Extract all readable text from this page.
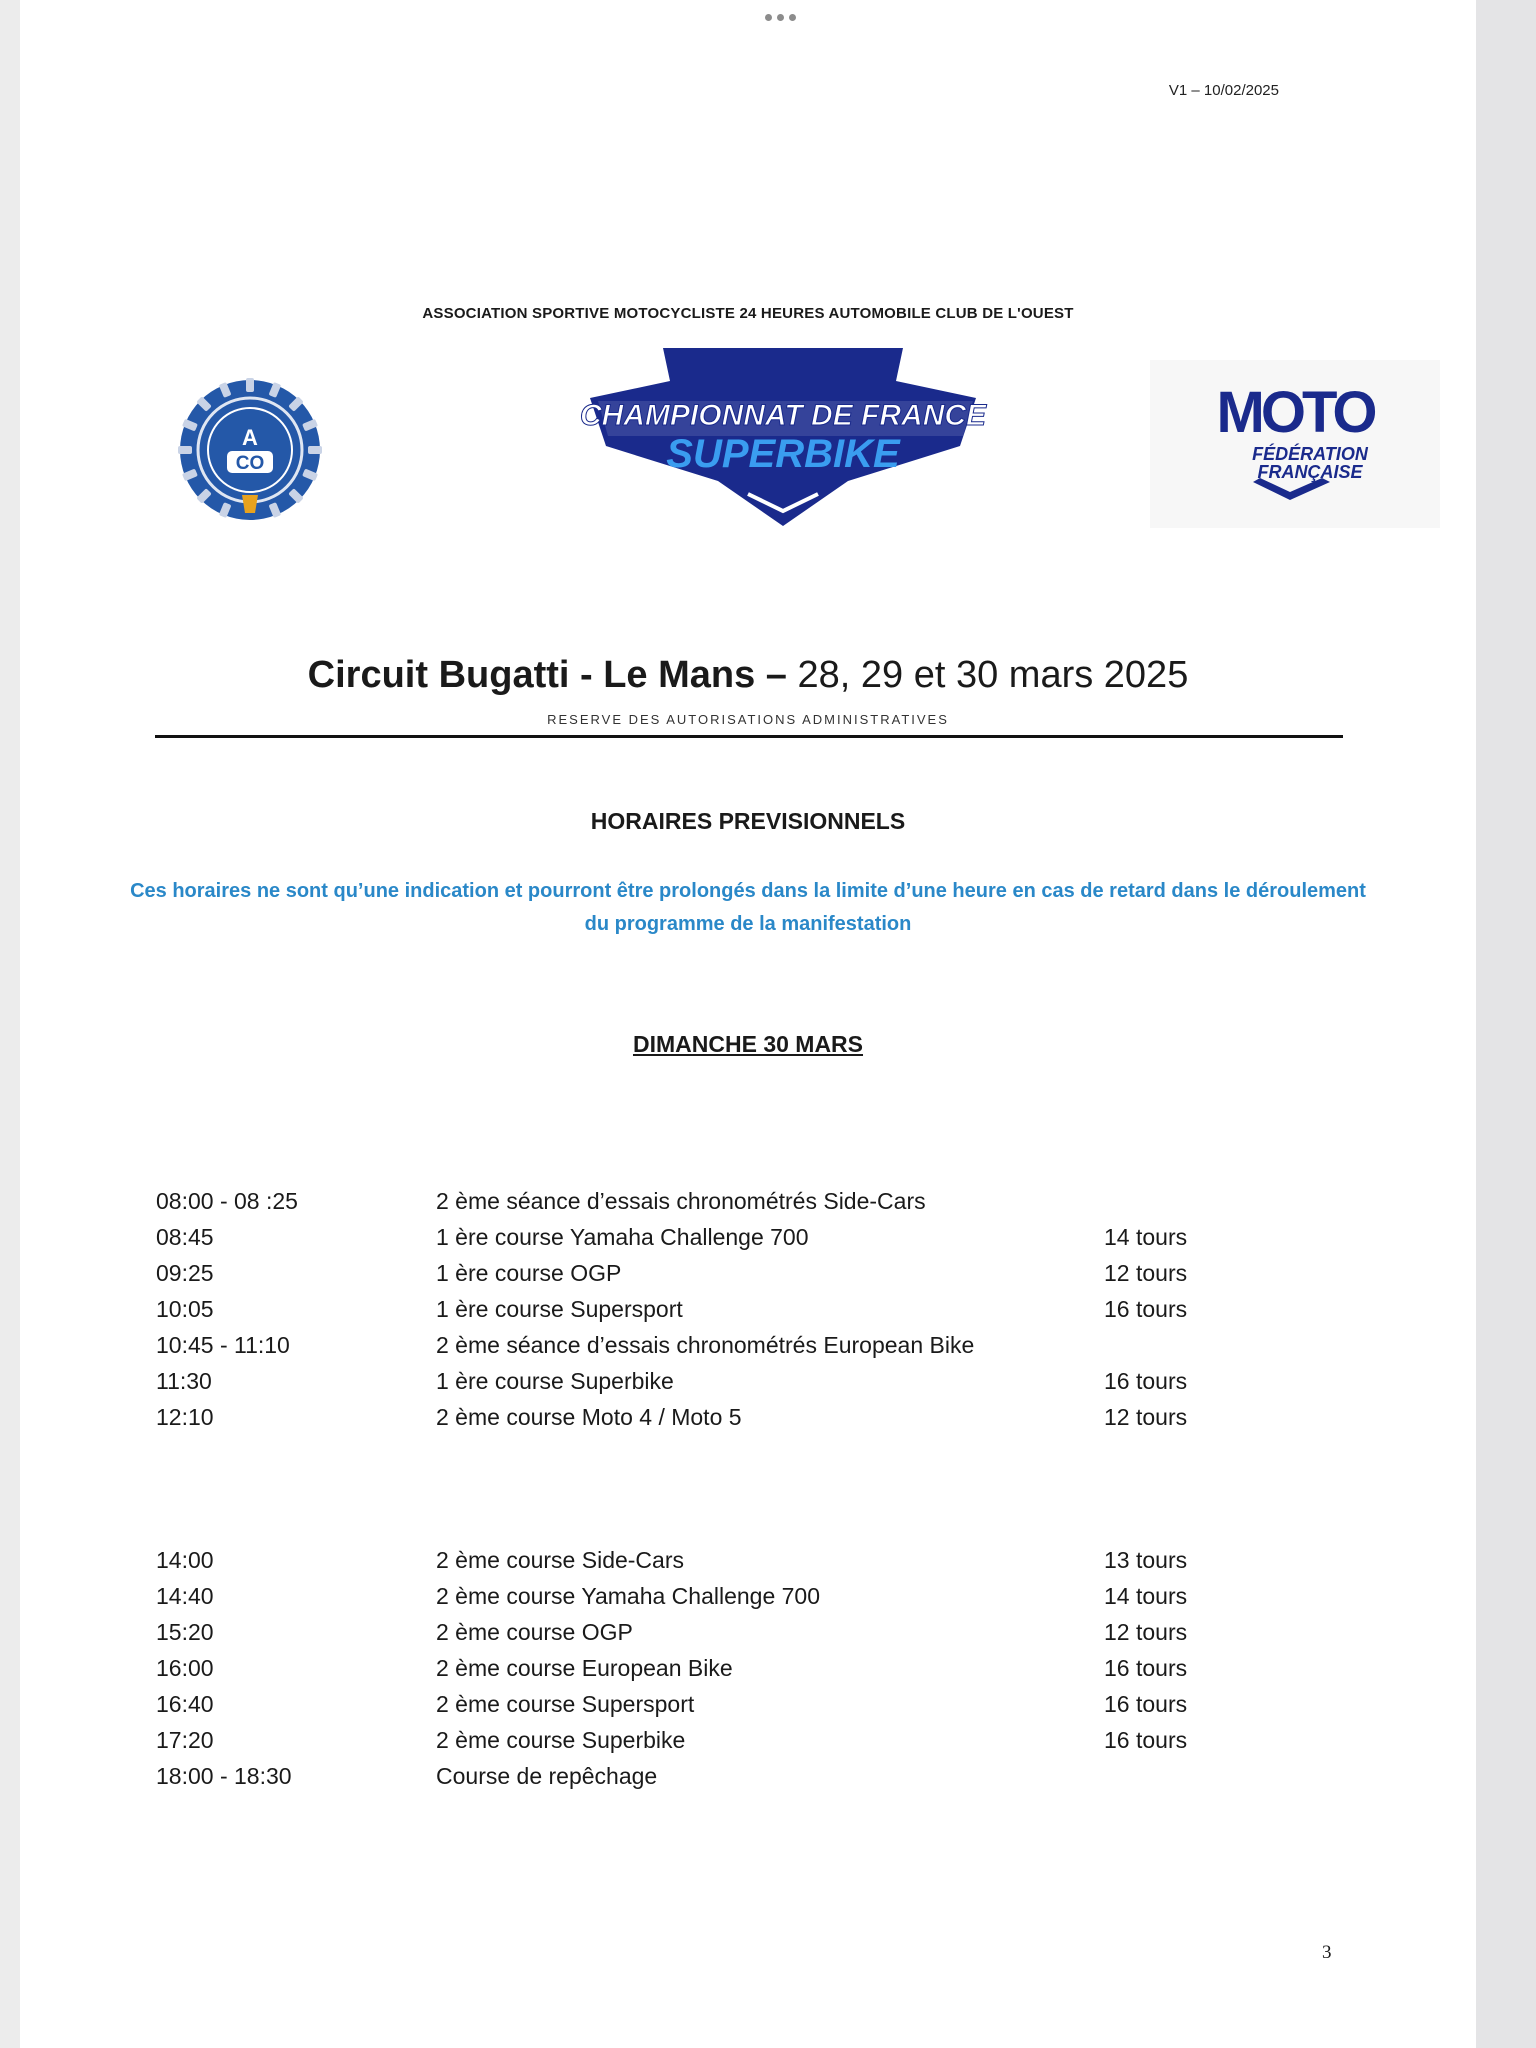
V1 – 10/02/2025
ASSOCIATION SPORTIVE MOTOCYCLISTE 24 HEURES AUTOMOBILE CLUB DE L'OUEST
A
CO
CHAMPIONNAT DE FRANCE
SUPERBIKE
MOTO
FÉDÉRATION
FRANÇAISE
Circuit Bugatti - Le Mans – 28, 29 et 30 mars 2025
RESERVE DES AUTORISATIONS ADMINISTRATIVES
HORAIRES PREVISIONNELS
Ces horaires ne sont qu’une indication et pourront être prolongés dans la limite d’une heure en cas de retard dans le déroulement du programme de la manifestation
DIMANCHE 30 MARS
08:00 - 08 :25	2 ème séance d’essais chronométrés Side-Cars
08:45	1 ère course Yamaha Challenge 700	14 tours
09:25	1 ère course OGP	12 tours
10:05	1 ère course Supersport	16 tours
10:45 - 11:10	2 ème séance d’essais chronométrés European Bike
11:30	1 ère course Superbike	16 tours
12:10	2 ème course Moto 4 / Moto 5	12 tours
14:00	2 ème course Side-Cars	13 tours
14:40	2 ème course Yamaha Challenge 700	14 tours
15:20	2 ème course OGP	12 tours
16:00	2 ème course European Bike	16 tours
16:40	2 ème course Supersport	16 tours
17:20	2 ème course Superbike	16 tours
18:00 - 18:30	Course de repêchage
3
